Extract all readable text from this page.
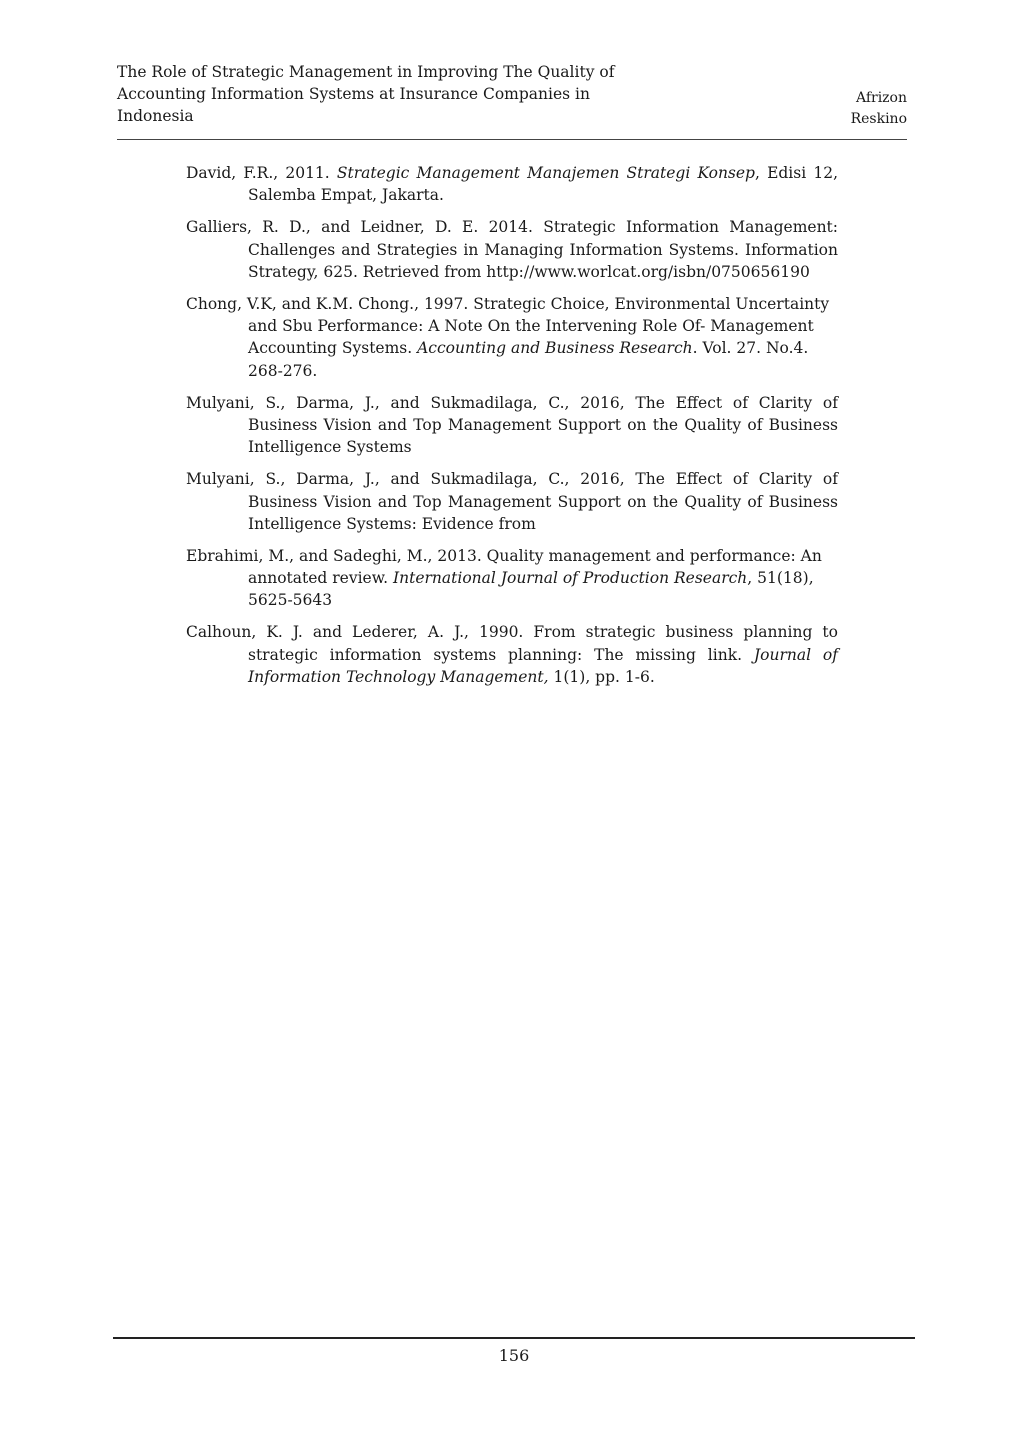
The Role of Strategic Management in Improving The Quality of
Accounting Information Systems at Insurance Companies in
Indonesia
Afrizon
Reskino

David, F.R., 2011. Strategic Management Manajemen Strategi Konsep, Edisi 12, Salemba Empat, Jakarta.

Galliers, R. D., and Leidner, D. E. 2014. Strategic Information Management: Challenges and Strategies in Managing Information Systems. Information Strategy, 625. Retrieved from http://www.worlcat.org/isbn/0750656190

Chong, V.K, and K.M. Chong., 1997. Strategic Choice, Environmental Uncertainty and Sbu Performance: A Note On the Intervening Role Of- Management Accounting Systems. Accounting and Business Research. Vol. 27. No.4. 268-276.

Mulyani, S., Darma, J., and Sukmadilaga, C., 2016, The Effect of Clarity of Business Vision and Top Management Support on the Quality of Business Intelligence Systems

Mulyani, S., Darma, J., and Sukmadilaga, C., 2016, The Effect of Clarity of Business Vision and Top Management Support on the Quality of Business Intelligence Systems: Evidence from

Ebrahimi, M., and Sadeghi, M., 2013. Quality management and performance: An annotated review. International Journal of Production Research, 51(18), 5625-5643

Calhoun, K. J. and Lederer, A. J., 1990. From strategic business planning to strategic information systems planning: The missing link. Journal of Information Technology Management, 1(1), pp. 1-6.

156
